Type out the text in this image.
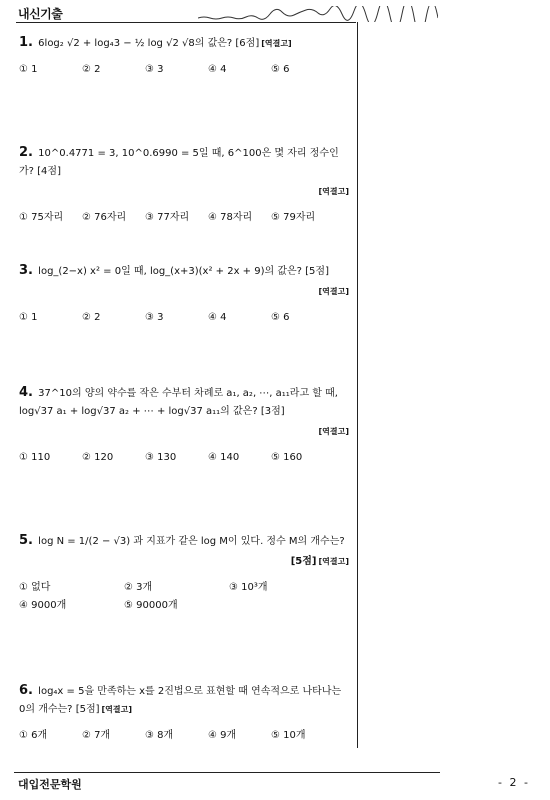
내신기출
1. 6log₂ √2 + log₄3 − ½ log √2 √8의 값은? [6점] [역결고]
① 1	② 2	③ 3	④ 4	⑤ 6
2. 10^0.4771 = 3, 10^0.6990 = 5일 때, 6^100은 몇 자리 정수인가? [4점]
[역결고]
① 75자리	② 76자리	③ 77자리	④ 78자리	⑤ 79자리
3. log_(2−x) x² = 0일 때, log_(x+3)(x² + 2x + 9)의 값은? [5점]
[역결고]
① 1	② 2	③ 3	④ 4	⑤ 6
4. 37^10의 양의 약수를 작은 수부터 차례로 a₁, a₂, ⋯, a₁₁라고 할 때, log√37 a₁ + log√37 a₂ + ⋯ + log√37 a₁₁의 값은? [3점]
[역결고]
① 110	② 120	③ 130	④ 140	⑤ 160
5. log N = 1/(2 − √3) 과 지표가 같은 log M이 있다. 정수 M의 개수는?
[5점] [역결고]
① 없다	② 3개	③ 10³개
④ 9000개	⑤ 90000개
6. log₄x = 5을 만족하는 x를 2진법으로 표현할 때 연속적으로 나타나는 0의 개수는? [5점] [역결고]
① 6개	② 7개	③ 8개	④ 9개	⑤ 10개
대입전문학원	- 2 -
